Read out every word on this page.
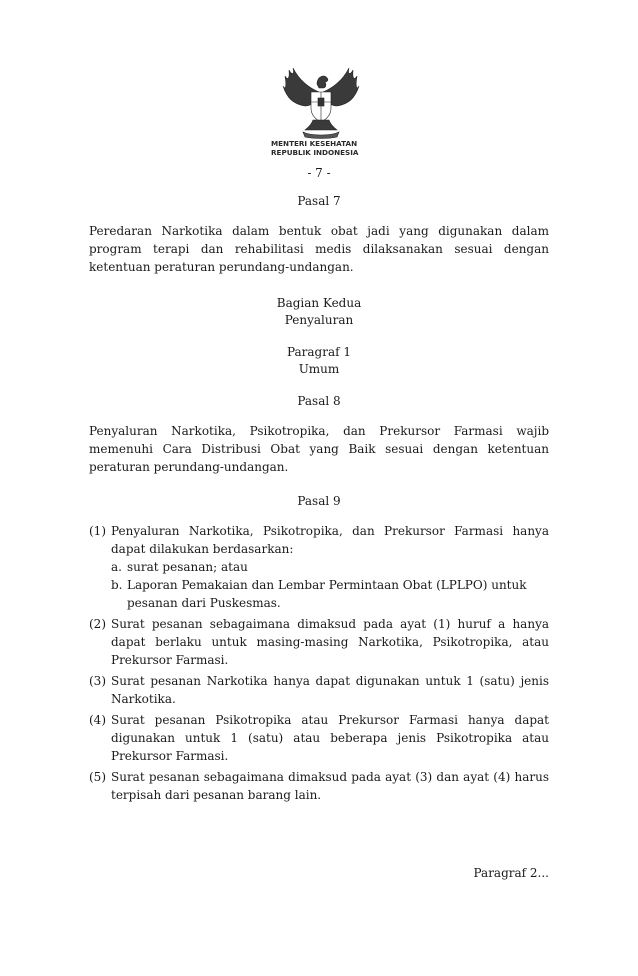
MENTERI KESEHATAN
REPUBLIK INDONESIA
- 7 -
Pasal 7
Peredaran Narkotika dalam bentuk obat jadi yang digunakan dalam program terapi dan rehabilitasi medis dilaksanakan sesuai dengan ketentuan peraturan perundang-undangan.
Bagian Kedua
Penyaluran
Paragraf 1
Umum
Pasal 8
Penyaluran Narkotika, Psikotropika, dan Prekursor Farmasi wajib memenuhi Cara Distribusi Obat yang Baik sesuai dengan ketentuan peraturan perundang-undangan.
Pasal 9
(1) Penyaluran Narkotika, Psikotropika, dan Prekursor Farmasi hanya dapat dilakukan berdasarkan:
a. surat pesanan; atau
b. Laporan Pemakaian dan Lembar Permintaan Obat (LPLPO) untuk pesanan dari Puskesmas.
(2) Surat pesanan sebagaimana dimaksud pada ayat (1) huruf a hanya dapat berlaku untuk masing-masing Narkotika, Psikotropika, atau Prekursor Farmasi.
(3) Surat pesanan Narkotika hanya dapat digunakan untuk 1 (satu) jenis Narkotika.
(4) Surat pesanan Psikotropika atau Prekursor Farmasi hanya dapat digunakan untuk 1 (satu) atau beberapa jenis Psikotropika atau Prekursor Farmasi.
(5) Surat pesanan sebagaimana dimaksud pada ayat (3) dan ayat (4) harus terpisah dari pesanan barang lain.
Paragraf 2...
